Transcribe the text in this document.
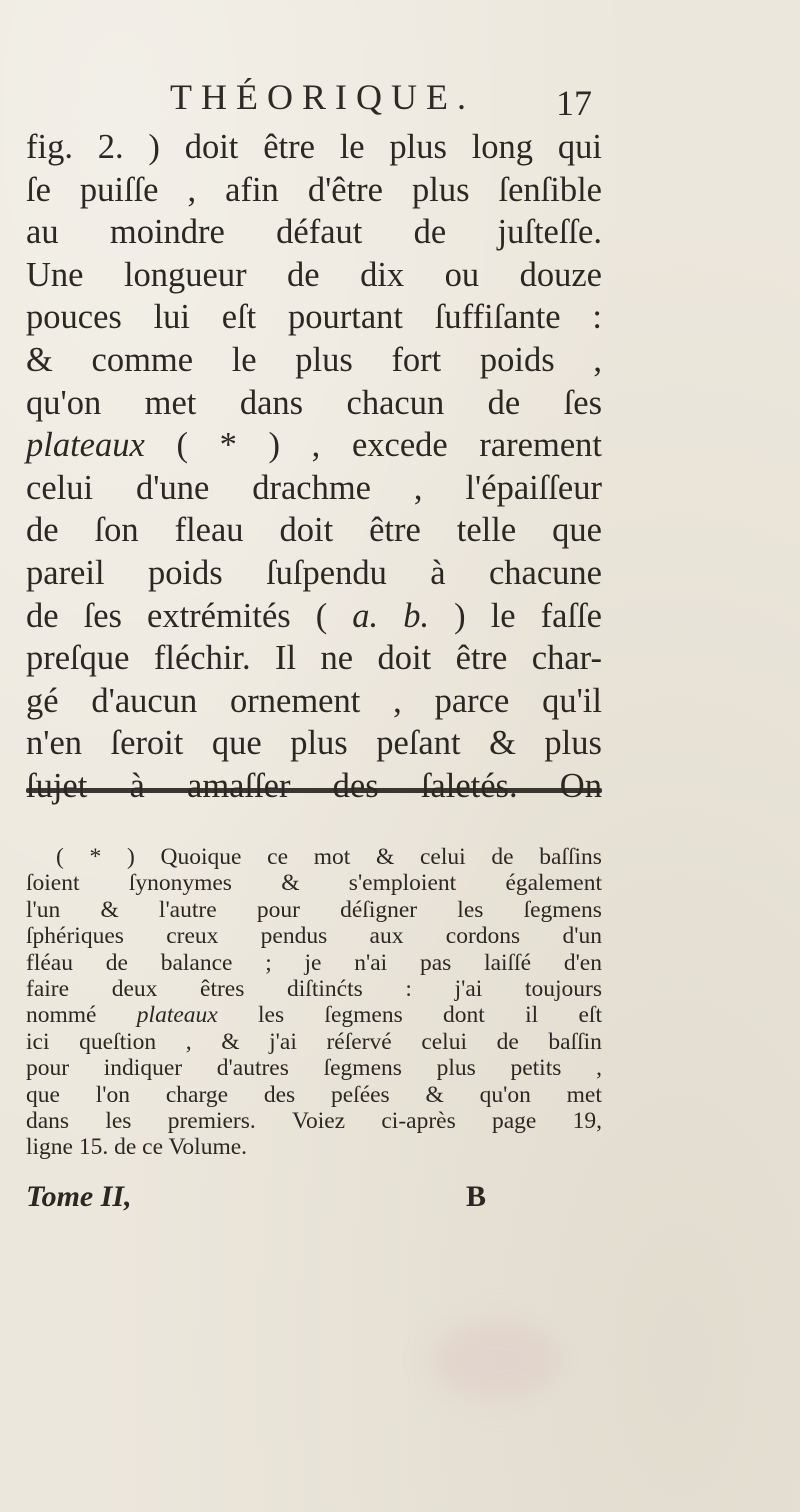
THÉORIQUE. 17
fig. 2. ) doit être le plus long qui
ſe puiſſe , afin d'être plus ſenſible
au moindre défaut de juſteſſe.
Une longueur de dix ou douze
pouces lui eſt pourtant ſuffiſante :
& comme le plus fort poids ,
qu'on met dans chacun de ſes
plateaux ( * ) , excede rarement
celui d'une drachme , l'épaiſſeur
de ſon fleau doit être telle que
pareil poids ſuſpendu à chacune
de ſes extrémités ( a. b. ) le faſſe
preſque fléchir. Il ne doit être char-
gé d'aucun ornement , parce qu'il
n'en ſeroit que plus peſant & plus
ſujet à amaſſer des ſaletés. On
( * ) Quoique ce mot & celui de baſſins
ſoient ſynonymes & s'emploient également
l'un & l'autre pour déſigner les ſegmens
ſphériques creux pendus aux cordons d'un
fléau de balance ; je n'ai pas laiſſé d'en
faire deux êtres diſtinćts : j'ai toujours
nommé plateaux les ſegmens dont il eſt
ici queſtion , & j'ai réſervé celui de baſſin
pour indiquer d'autres ſegmens plus petits ,
que l'on charge des peſées & qu'on met
dans les premiers. Voiez ci-après page 19,
ligne 15. de ce Volume.
Tome II,	B
